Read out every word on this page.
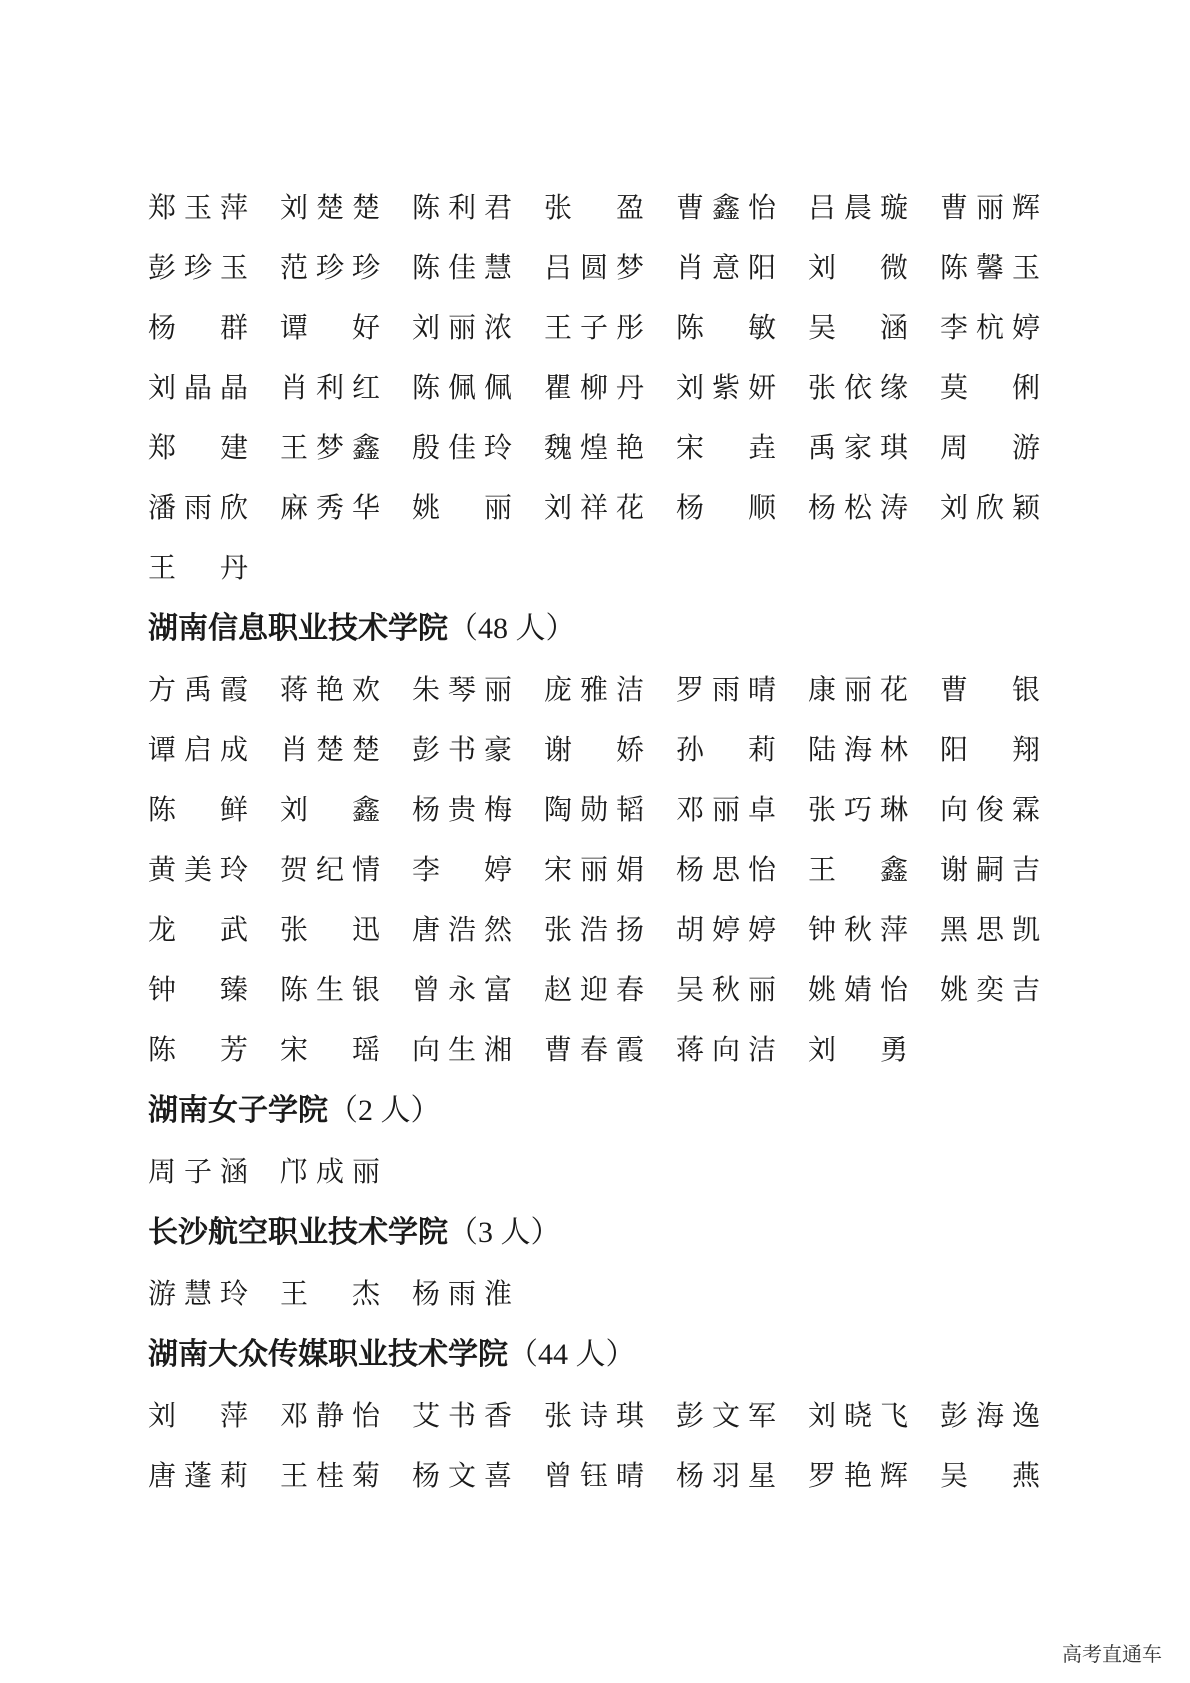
郑 玉 萍 刘 楚 楚 陈 利 君 张 盈 曹 鑫 怡 吕 晨 璇 曹 丽 辉
彭 珍 玉 范 珍 珍 陈 佳 慧 吕 圆 梦 肖 意 阳 刘 微 陈 馨 玉
杨 群 谭 好 刘 丽 浓 王 子 彤 陈 敏 吴 涵 李 杭 婷
刘 晶 晶 肖 利 红 陈 佩 佩 瞿 柳 丹 刘 紫 妍 张 依 缘 莫 俐
郑 建 王 梦 鑫 殷 佳 玲 魏 煌 艳 宋 垚 禹 家 琪 周 游
潘 雨 欣 麻 秀 华 姚 丽 刘 祥 花 杨 顺 杨 松 涛 刘 欣 颖
王 丹
湖南信息职业技术学院（48 人）
方 禹 霞 蒋 艳 欢 朱 琴 丽 庞 雅 洁 罗 雨 晴 康 丽 花 曹 银
谭 启 成 肖 楚 楚 彭 书 豪 谢 娇 孙 莉 陆 海 林 阳 翔
陈 鲜 刘 鑫 杨 贵 梅 陶 勋 韬 邓 丽 卓 张 巧 琳 向 俊 霖
黄 美 玲 贺 纪 情 李 婷 宋 丽 娟 杨 思 怡 王 鑫 谢 嗣 吉
龙 武 张 迅 唐 浩 然 张 浩 扬 胡 婷 婷 钟 秋 萍 黑 思 凯
钟 臻 陈 生 银 曾 永 富 赵 迎 春 吴 秋 丽 姚 婧 怡 姚 奕 吉
陈 芳 宋 瑶 向 生 湘 曹 春 霞 蒋 向 洁 刘 勇
湖南女子学院（2 人）
周 子 涵 邝 成 丽
长沙航空职业技术学院（3 人）
游 慧 玲 王 杰 杨 雨 淮
湖南大众传媒职业技术学院（44 人）
刘 萍 邓 静 怡 艾 书 香 张 诗 琪 彭 文 军 刘 晓 飞 彭 海 逸
唐 蓬 莉 王 桂 菊 杨 文 喜 曾 钰 晴 杨 羽 星 罗 艳 辉 吴 燕
高考直通车
